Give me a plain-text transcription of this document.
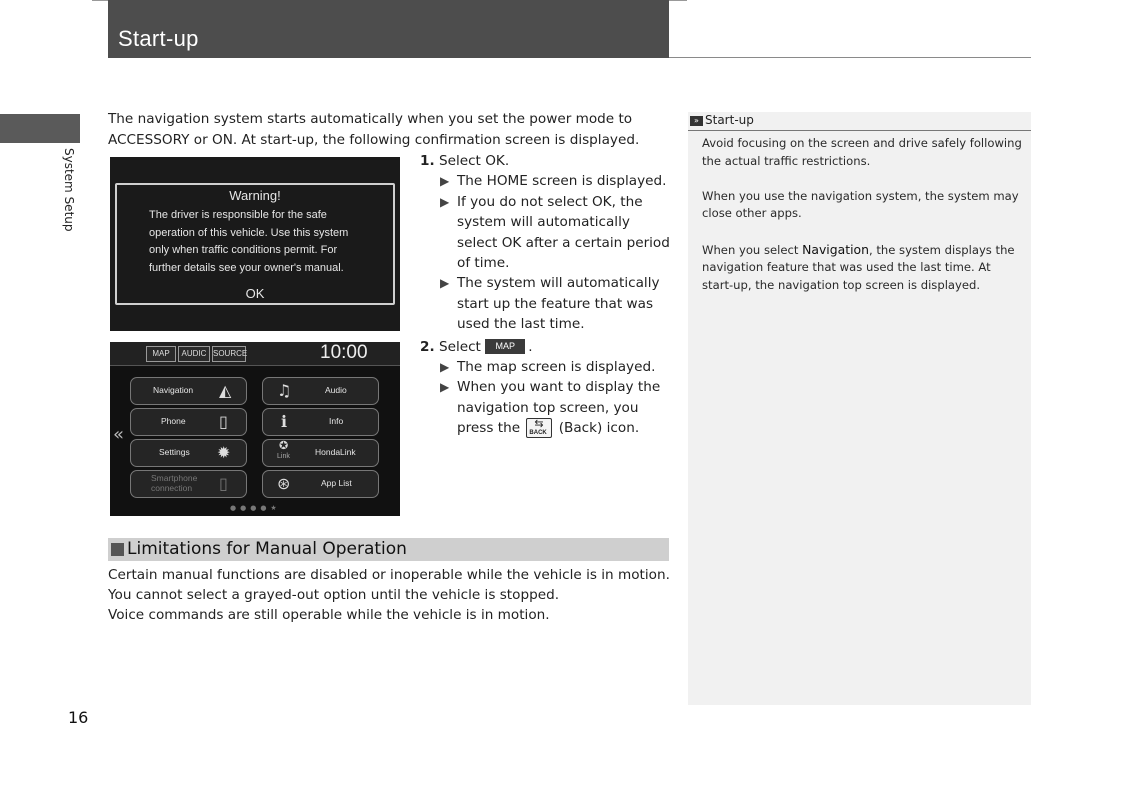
Start-up
System Setup

The navigation system starts automatically when you set the power mode to ACCESSORY or ON. At start-up, the following confirmation screen is displayed.

Warning!
The driver is responsible for the safe
operation of this vehicle. Use this system
only when traffic conditions permit. For
further details see your owner's manual.
OK
MAP	AUDIC SOURCE	10:00
«
Navigation ◭	♫	Audio
Phone ▯	ℹ	Info
Settings ✹	✪
Link	HondaLink
Smartphone
connection	▯	⊛	App List
●●●●★
1. Select OK.
▶ The HOME screen is displayed.
▶ If you do not select OK, the system will automatically select OK after a certain period of time.
▶ The system will automatically start up the feature that was used the last time.
2. Select MAP .
▶ The map screen is displayed.
▶ When you want to display the navigation top screen, you press the ⇆
BACK (Back) icon.
Limitations for Manual Operation
Certain manual functions are disabled or inoperable while the vehicle is in motion.
You cannot select a grayed-out option until the vehicle is stopped.
Voice commands are still operable while the vehicle is in motion.
» Start-up

Avoid focusing on the screen and drive safely following the actual traffic restrictions.

When you use the navigation system, the system may close other apps.

When you select Navigation, the system displays the navigation feature that was used the last time. At start-up, the navigation top screen is displayed.

16
